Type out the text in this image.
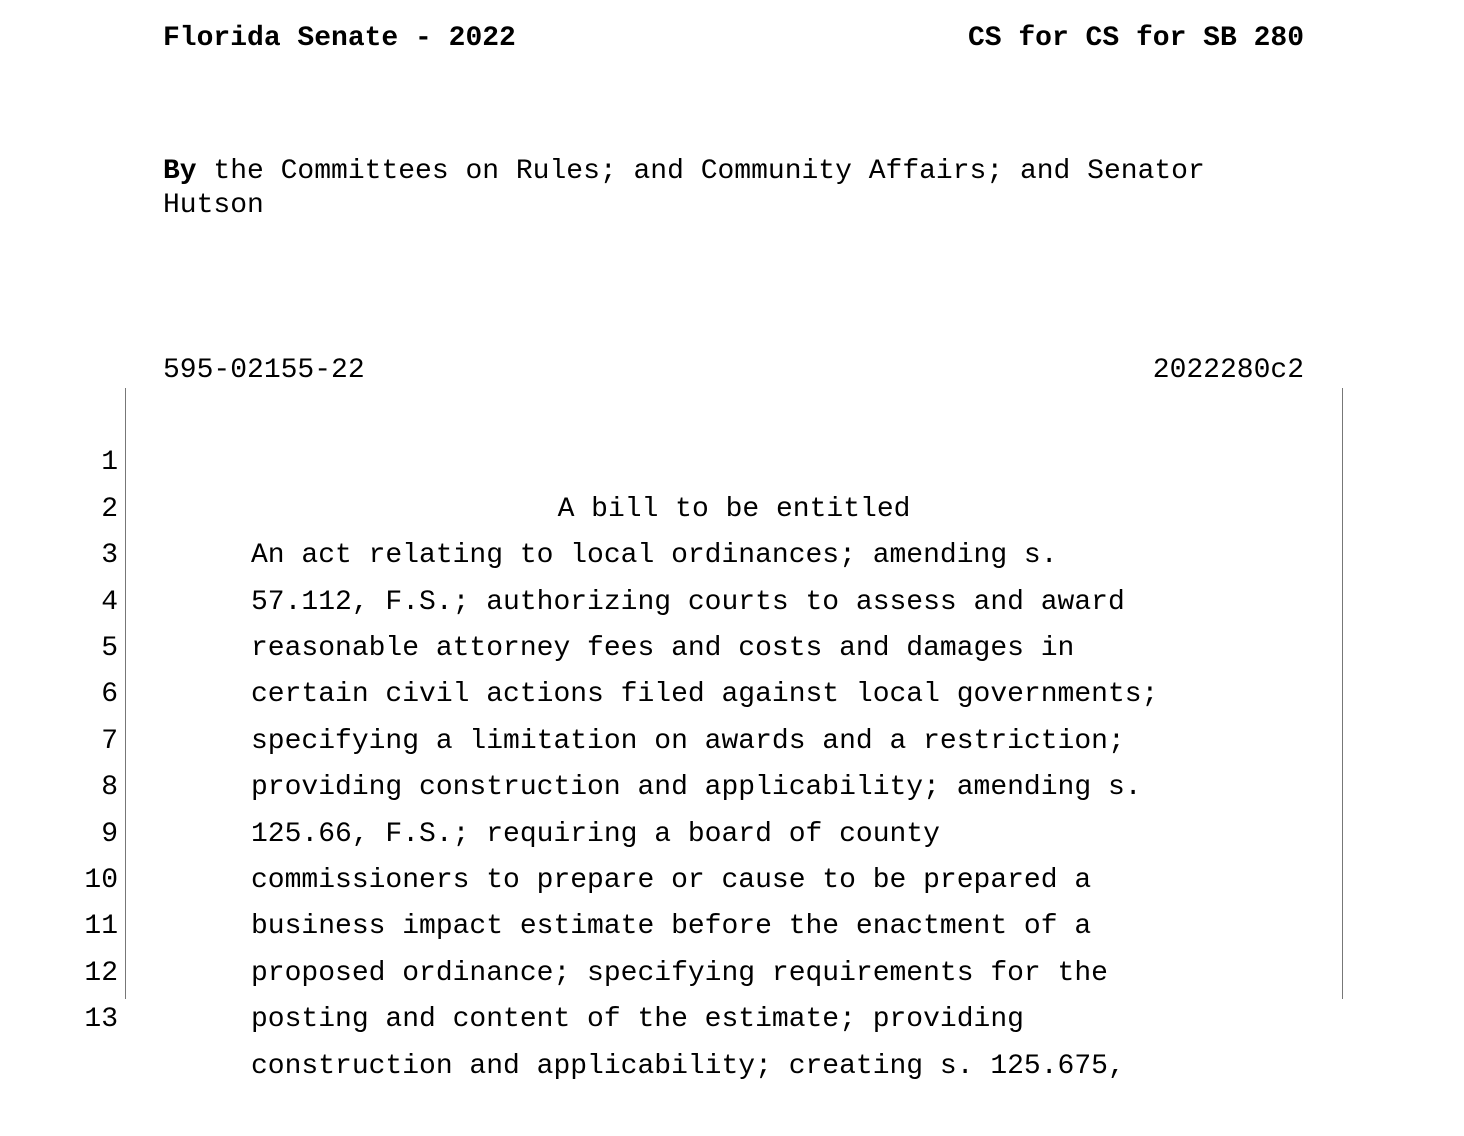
Florida Senate - 2022	CS for CS for SB 280
By the Committees on Rules; and Community Affairs; and Senator
Hutson
595-02155-22	2022280c2

1

A bill to be entitled

2

An act relating to local ordinances; amending s.

3

57.112, F.S.; authorizing courts to assess and award

4

reasonable attorney fees and costs and damages in

5

certain civil actions filed against local governments;

6

specifying a limitation on awards and a restriction;

7

providing construction and applicability; amending s.

8

125.66, F.S.; requiring a board of county

9

commissioners to prepare or cause to be prepared a

10

business impact estimate before the enactment of a

11

proposed ordinance; specifying requirements for the

12

posting and content of the estimate; providing

13

construction and applicability; creating s. 125.675,
